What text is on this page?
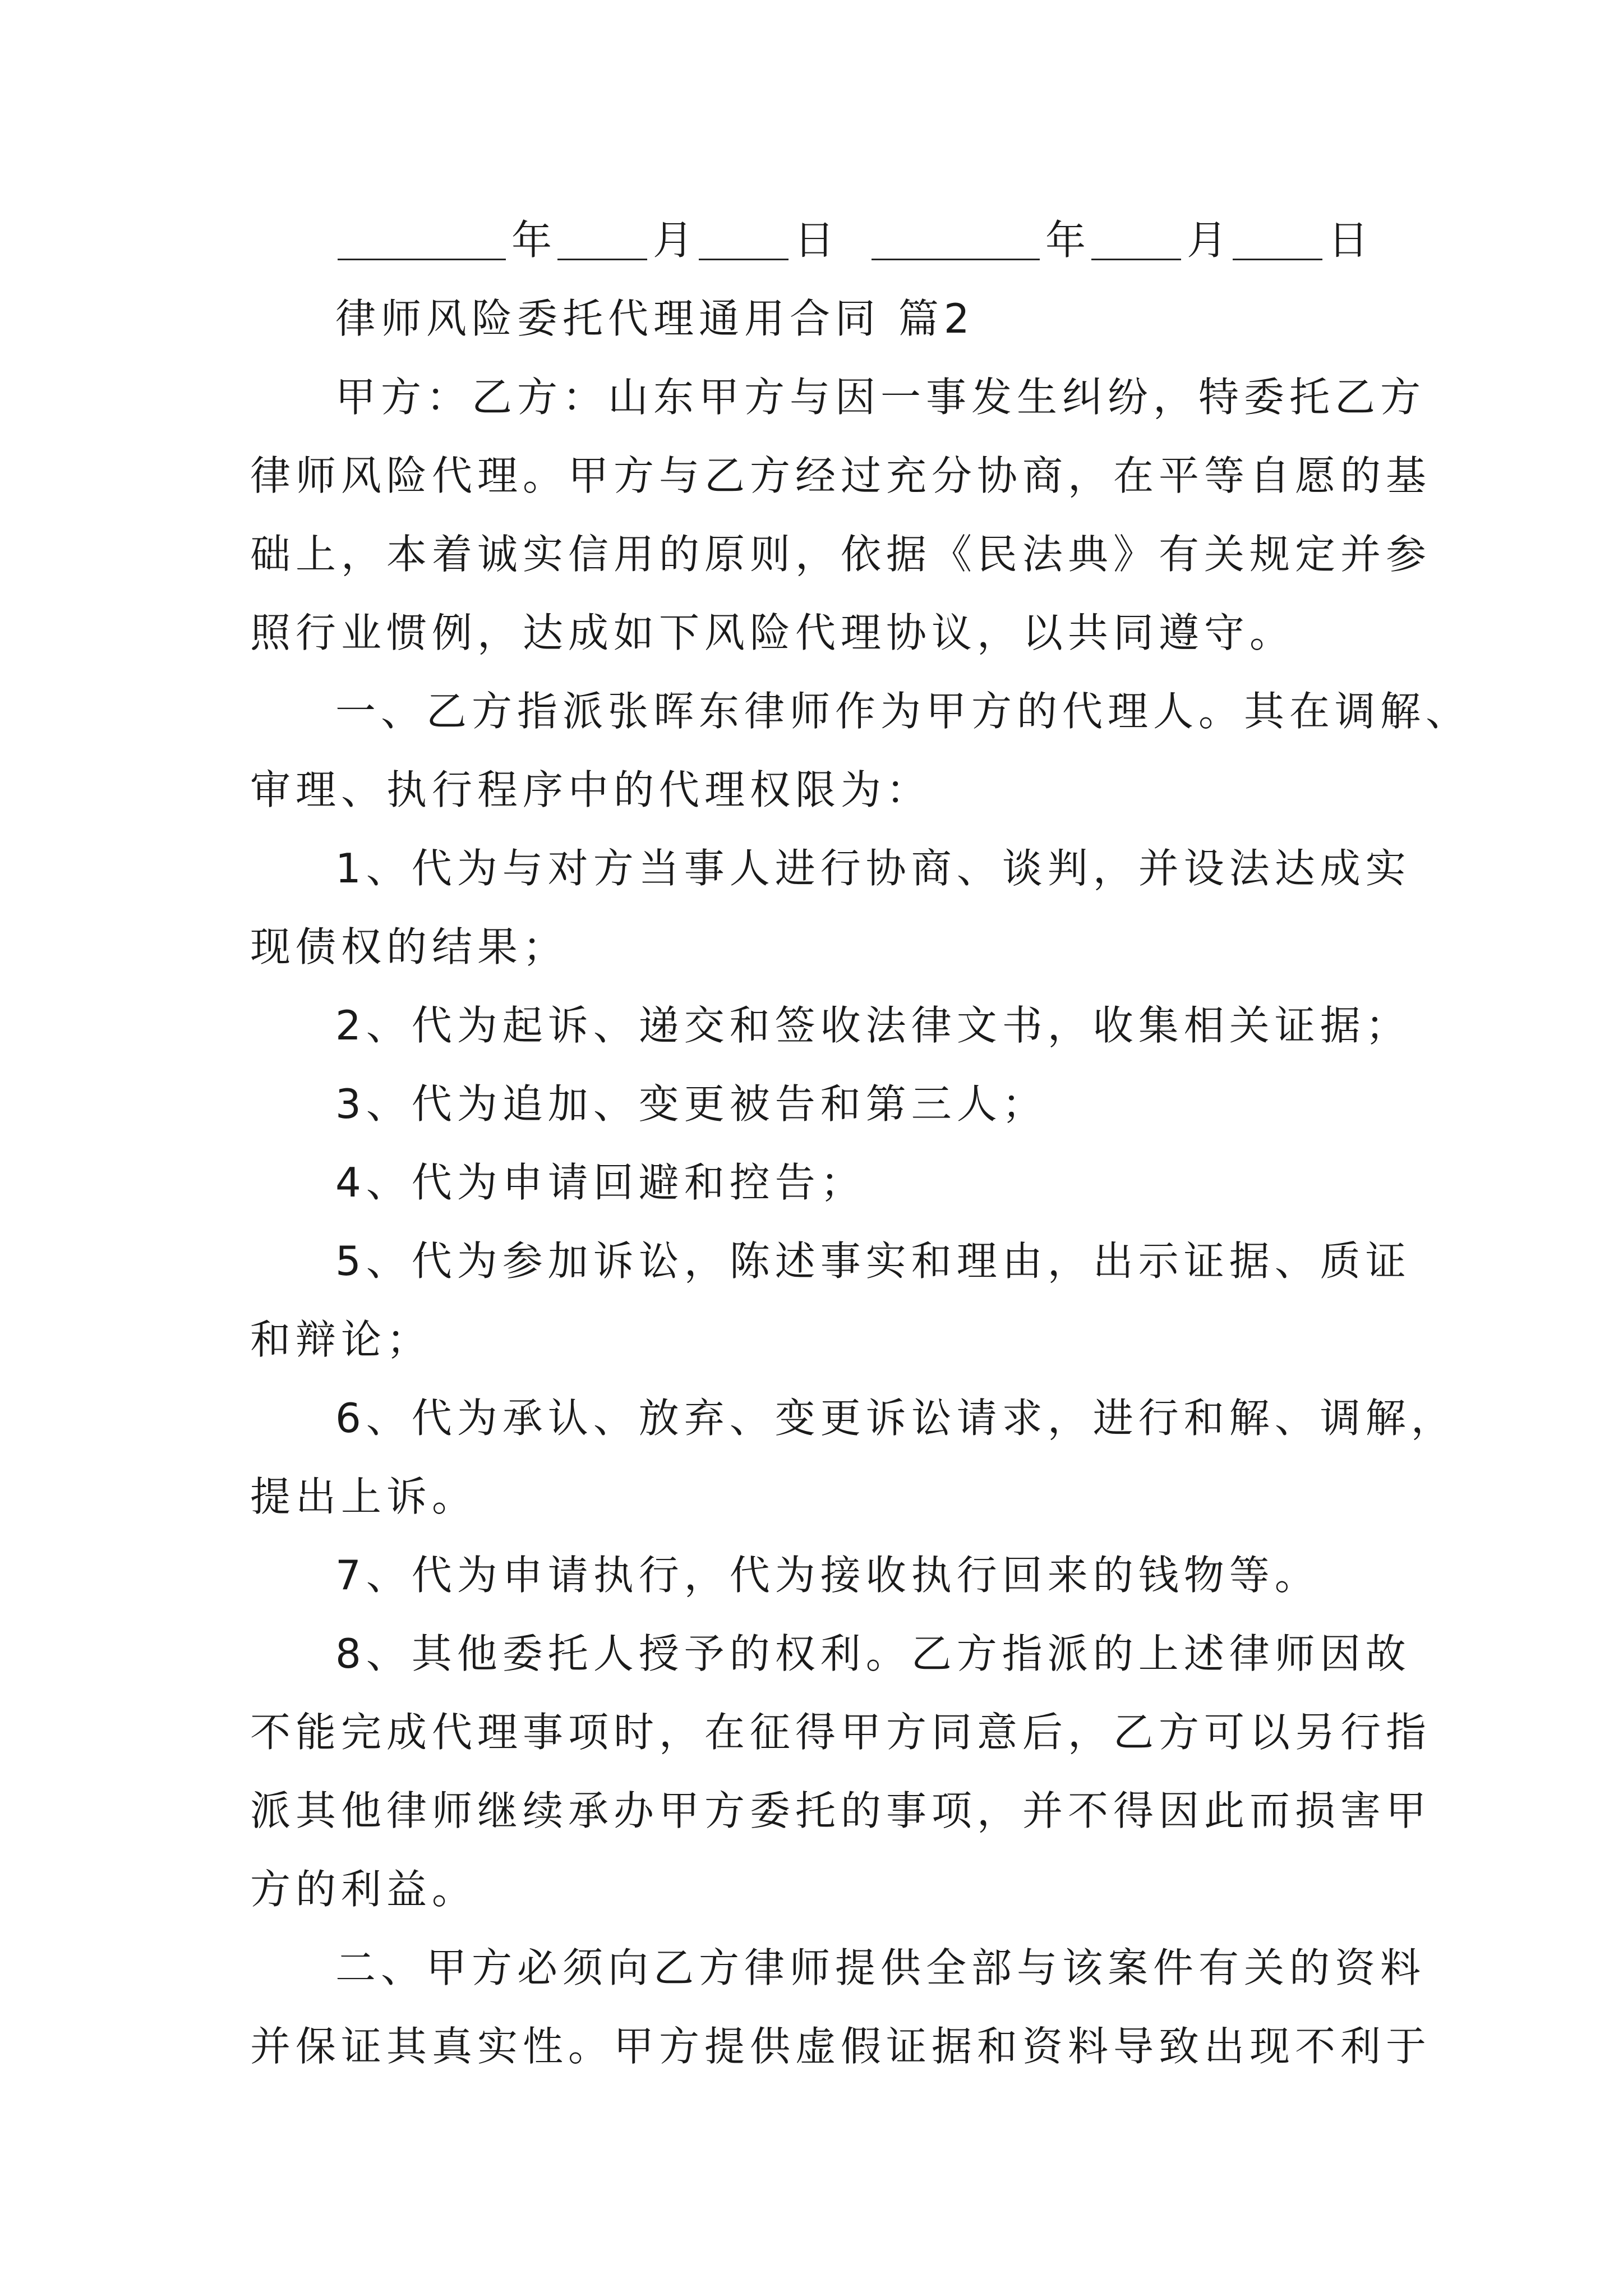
年	月	日	年	月	日
律师风险委托代理通用合同 篇2
甲方：乙方：山东甲方与因一事发生纠纷，特委托乙方
律师风险代理。甲方与乙方经过充分协商，在平等自愿的基
础上，本着诚实信用的原则，依据《民法典》有关规定并参
照行业惯例，达成如下风险代理协议，以共同遵守。
一、乙方指派张晖东律师作为甲方的代理人。其在调解、
审理、执行程序中的代理权限为：
1、代为与对方当事人进行协商、谈判，并设法达成实
现债权的结果；
2、代为起诉、递交和签收法律文书，收集相关证据；
3、代为追加、变更被告和第三人；
4、代为申请回避和控告；
5、代为参加诉讼，陈述事实和理由，出示证据、质证
和辩论；
6、代为承认、放弃、变更诉讼请求，进行和解、调解，
提出上诉。
7、代为申请执行，代为接收执行回来的钱物等。
8、其他委托人授予的权利。乙方指派的上述律师因故
不能完成代理事项时，在征得甲方同意后，乙方可以另行指
派其他律师继续承办甲方委托的事项，并不得因此而损害甲
方的利益。
二、甲方必须向乙方律师提供全部与该案件有关的资料
并保证其真实性。甲方提供虚假证据和资料导致出现不利于
